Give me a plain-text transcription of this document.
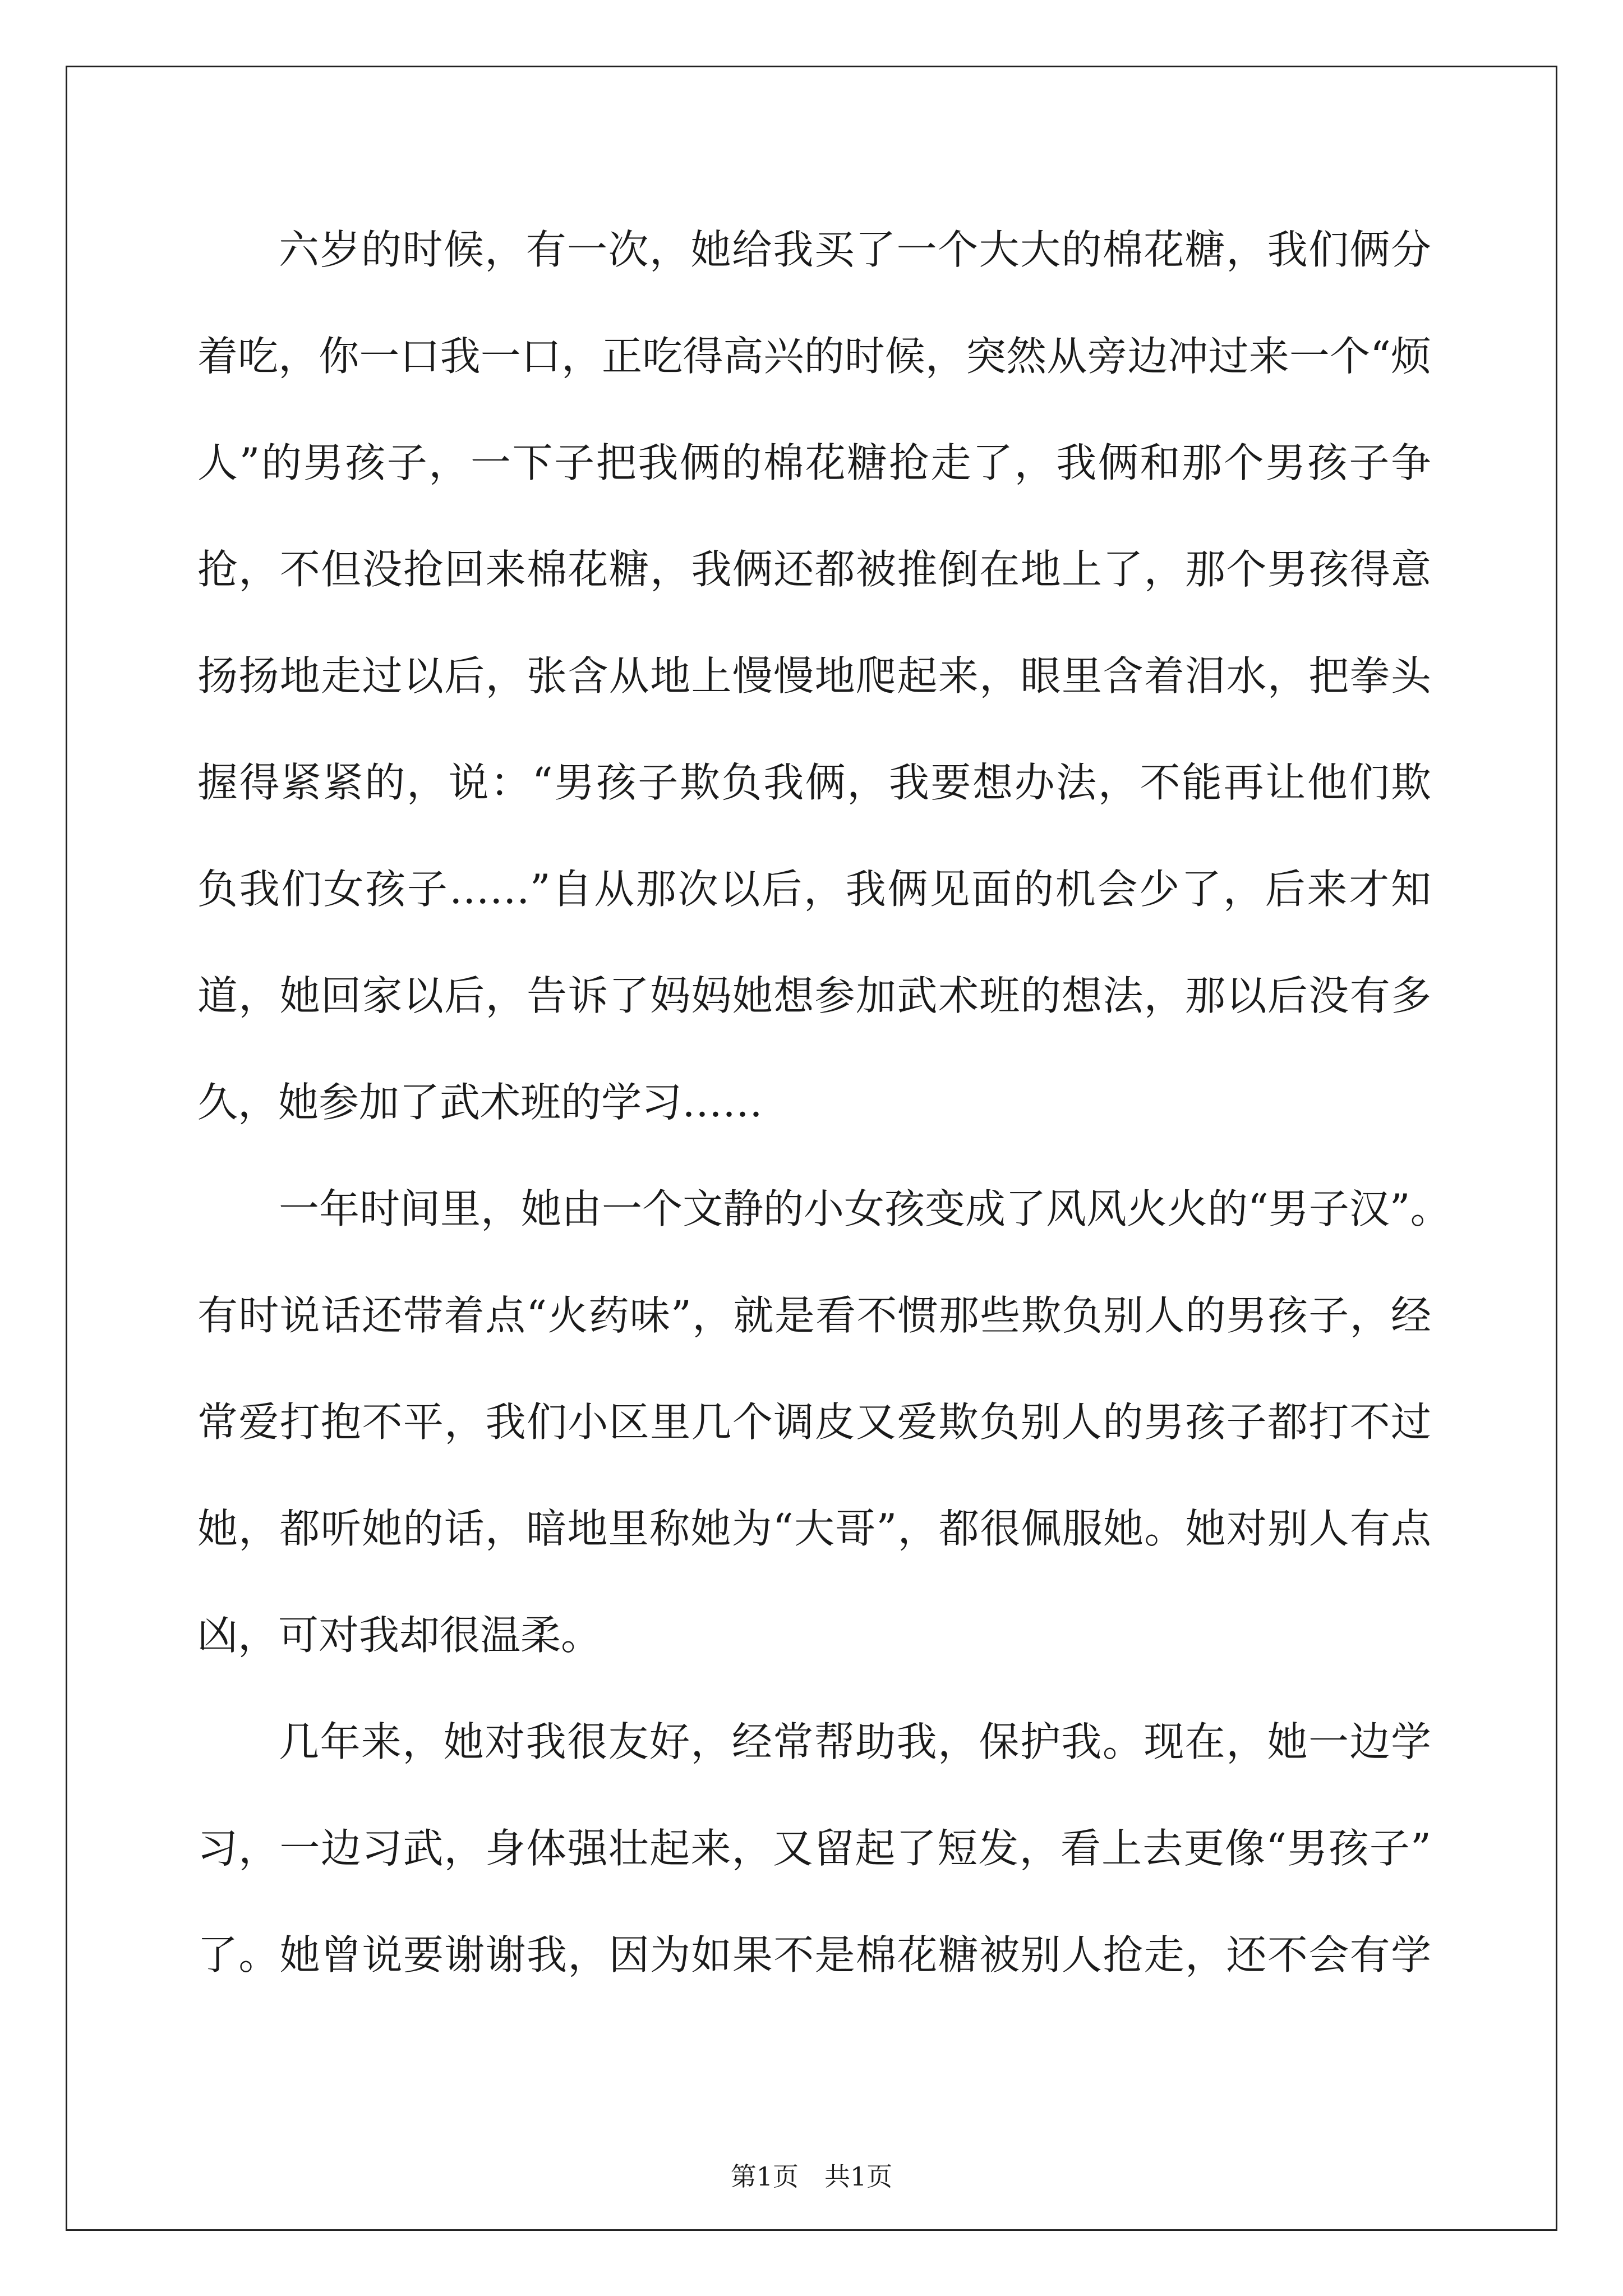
六岁的时候，有一次，她给我买了一个大大的棉花糖，我们俩分
着吃，你一口我一口，正吃得高兴的时候，突然从旁边冲过来一个“烦
人”的男孩子，一下子把我俩的棉花糖抢走了，我俩和那个男孩子争
抢，不但没抢回来棉花糖，我俩还都被推倒在地上了，那个男孩得意
扬扬地走过以后，张含从地上慢慢地爬起来，眼里含着泪水，把拳头
握得紧紧的，说：“男孩子欺负我俩，我要想办法，不能再让他们欺
负我们女孩子……”自从那次以后，我俩见面的机会少了，后来才知
道，她回家以后，告诉了妈妈她想参加武术班的想法，那以后没有多
久，她参加了武术班的学习……
一年时间里，她由一个文静的小女孩变成了风风火火的“男子汉”。
有时说话还带着点“火药味”，就是看不惯那些欺负别人的男孩子，经
常爱打抱不平，我们小区里几个调皮又爱欺负别人的男孩子都打不过
她，都听她的话，暗地里称她为“大哥”，都很佩服她。她对别人有点
凶，可对我却很温柔。
几年来，她对我很友好，经常帮助我，保护我。现在，她一边学
习，一边习武，身体强壮起来，又留起了短发，看上去更像“男孩子”
了。她曾说要谢谢我，因为如果不是棉花糖被别人抢走，还不会有学
第1页　共1页
